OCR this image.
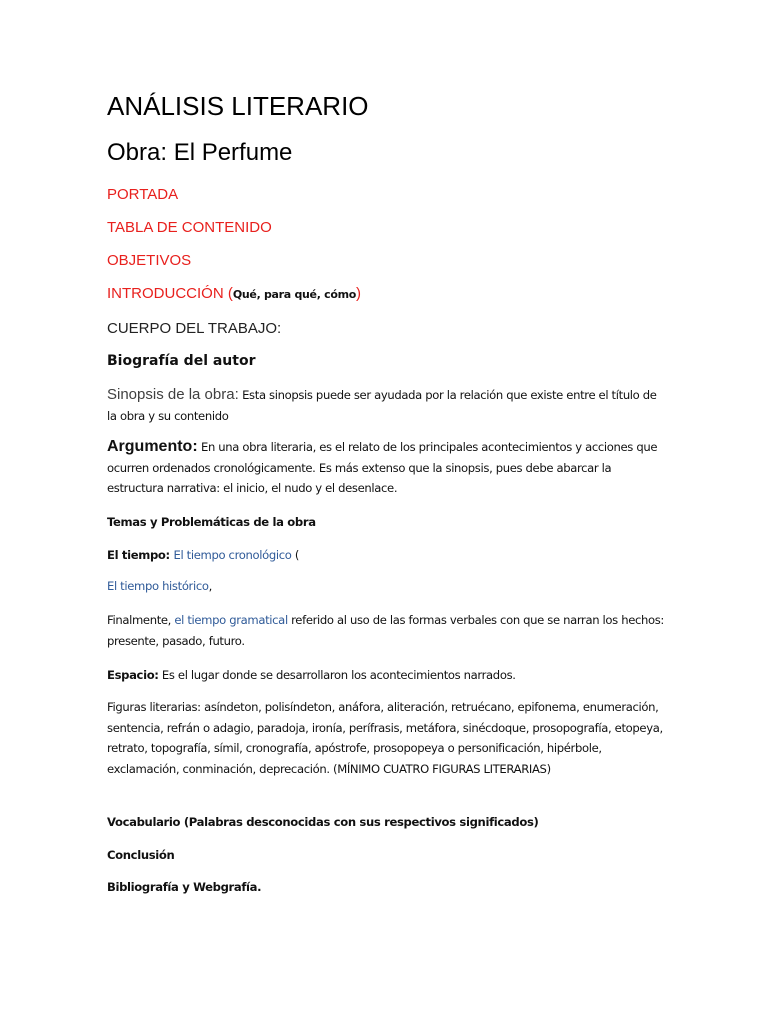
ANÁLISIS LITERARIO
Obra: El Perfume
PORTADA
TABLA DE CONTENIDO
OBJETIVOS
INTRODUCCIÓN (Qué, para qué, cómo)
CUERPO DEL TRABAJO:
Biografía del autor
Sinopsis de la obra: Esta sinopsis puede ser ayudada por la relación que existe entre el título de la obra y su contenido
Argumento: En una obra literaria, es el relato de los principales acontecimientos y acciones que ocurren ordenados cronológicamente. Es más extenso que la sinopsis, pues debe abarcar la estructura narrativa: el inicio, el nudo y el desenlace.
Temas y Problemáticas de la obra
El tiempo: El tiempo cronológico (
El tiempo histórico,
Finalmente, el tiempo gramatical referido al uso de las formas verbales con que se narran los hechos: presente, pasado, futuro.
Espacio: Es el lugar donde se desarrollaron los acontecimientos narrados.
Figuras literarias: asíndeton, polisíndeton, anáfora, aliteración, retruécano, epifonema, enumeración, sentencia, refrán o adagio, paradoja, ironía, perífrasis, metáfora, sinécdoque, prosopografía, etopeya, retrato, topografía, símil, cronografía, apóstrofe, prosopopeya o personificación, hipérbole, exclamación, conminación, deprecación. (MÍNIMO CUATRO FIGURAS LITERARIAS)
Vocabulario (Palabras desconocidas con sus respectivos significados)
Conclusión
Bibliografía y Webgrafía.
